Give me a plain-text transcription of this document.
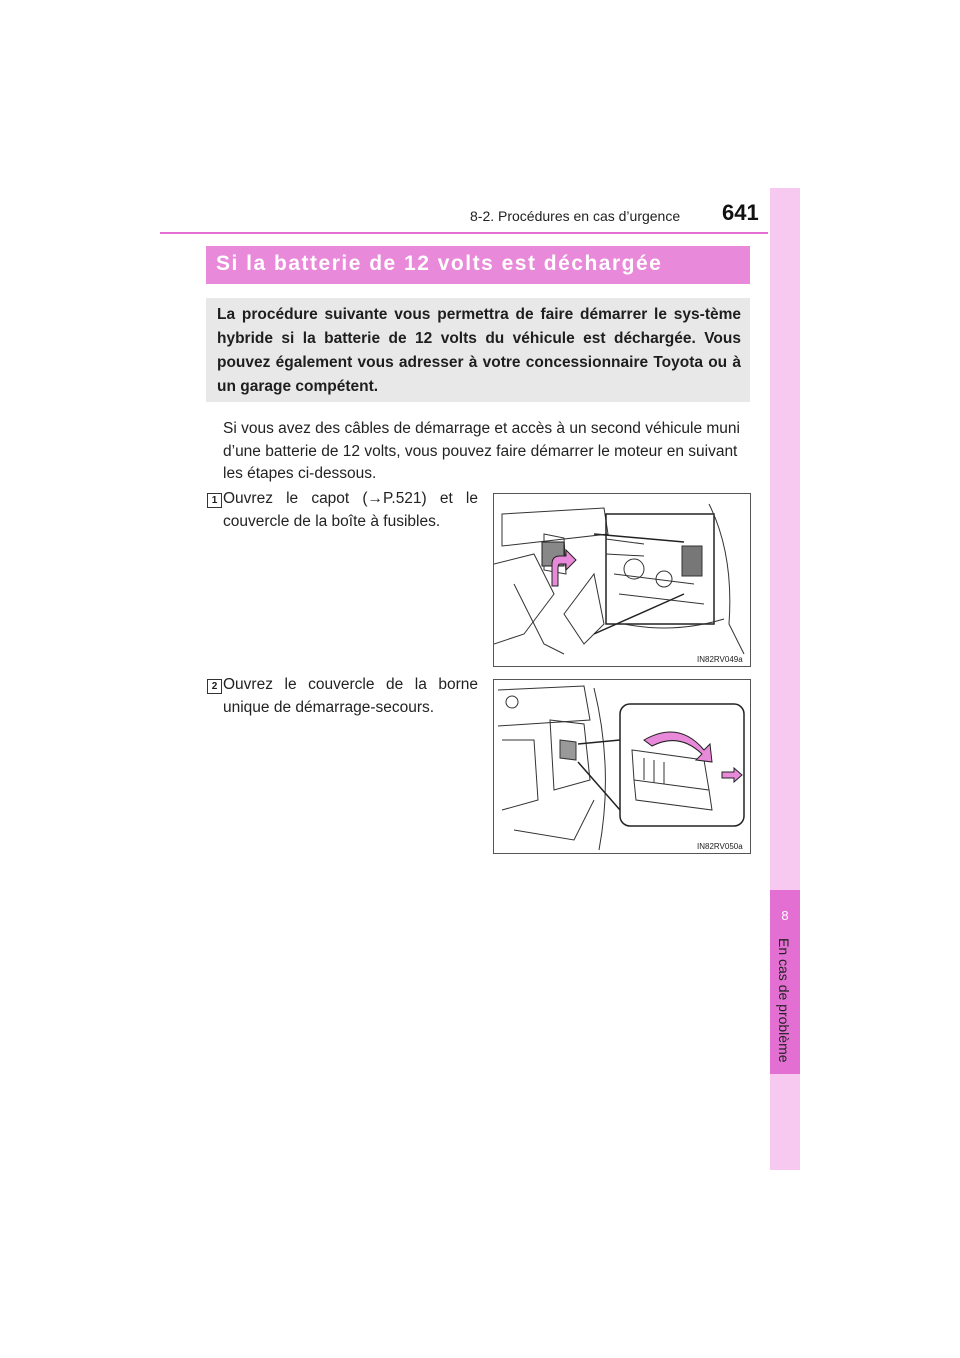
8-2. Procédures en cas d’urgence 641
8
En cas de problème
Si la batterie de 12 volts est déchargée
La procédure suivante vous permettra de faire démarrer le sys-tème hybride si la batterie de 12 volts du véhicule est déchargée. Vous pouvez également vous adresser à votre concessionnaire Toyota ou à un garage compétent.
Si vous avez des câbles de démarrage et accès à un second véhicule muni d’une batterie de 12 volts, vous pouvez faire démarrer le moteur en suivant les étapes ci-dessous.
1 Ouvrez le capot (→P.521) et le couvercle de la boîte à fusibles.
IN82RV049a
2 Ouvrez le couvercle de la borne unique de démarrage-secours.
IN82RV050a
